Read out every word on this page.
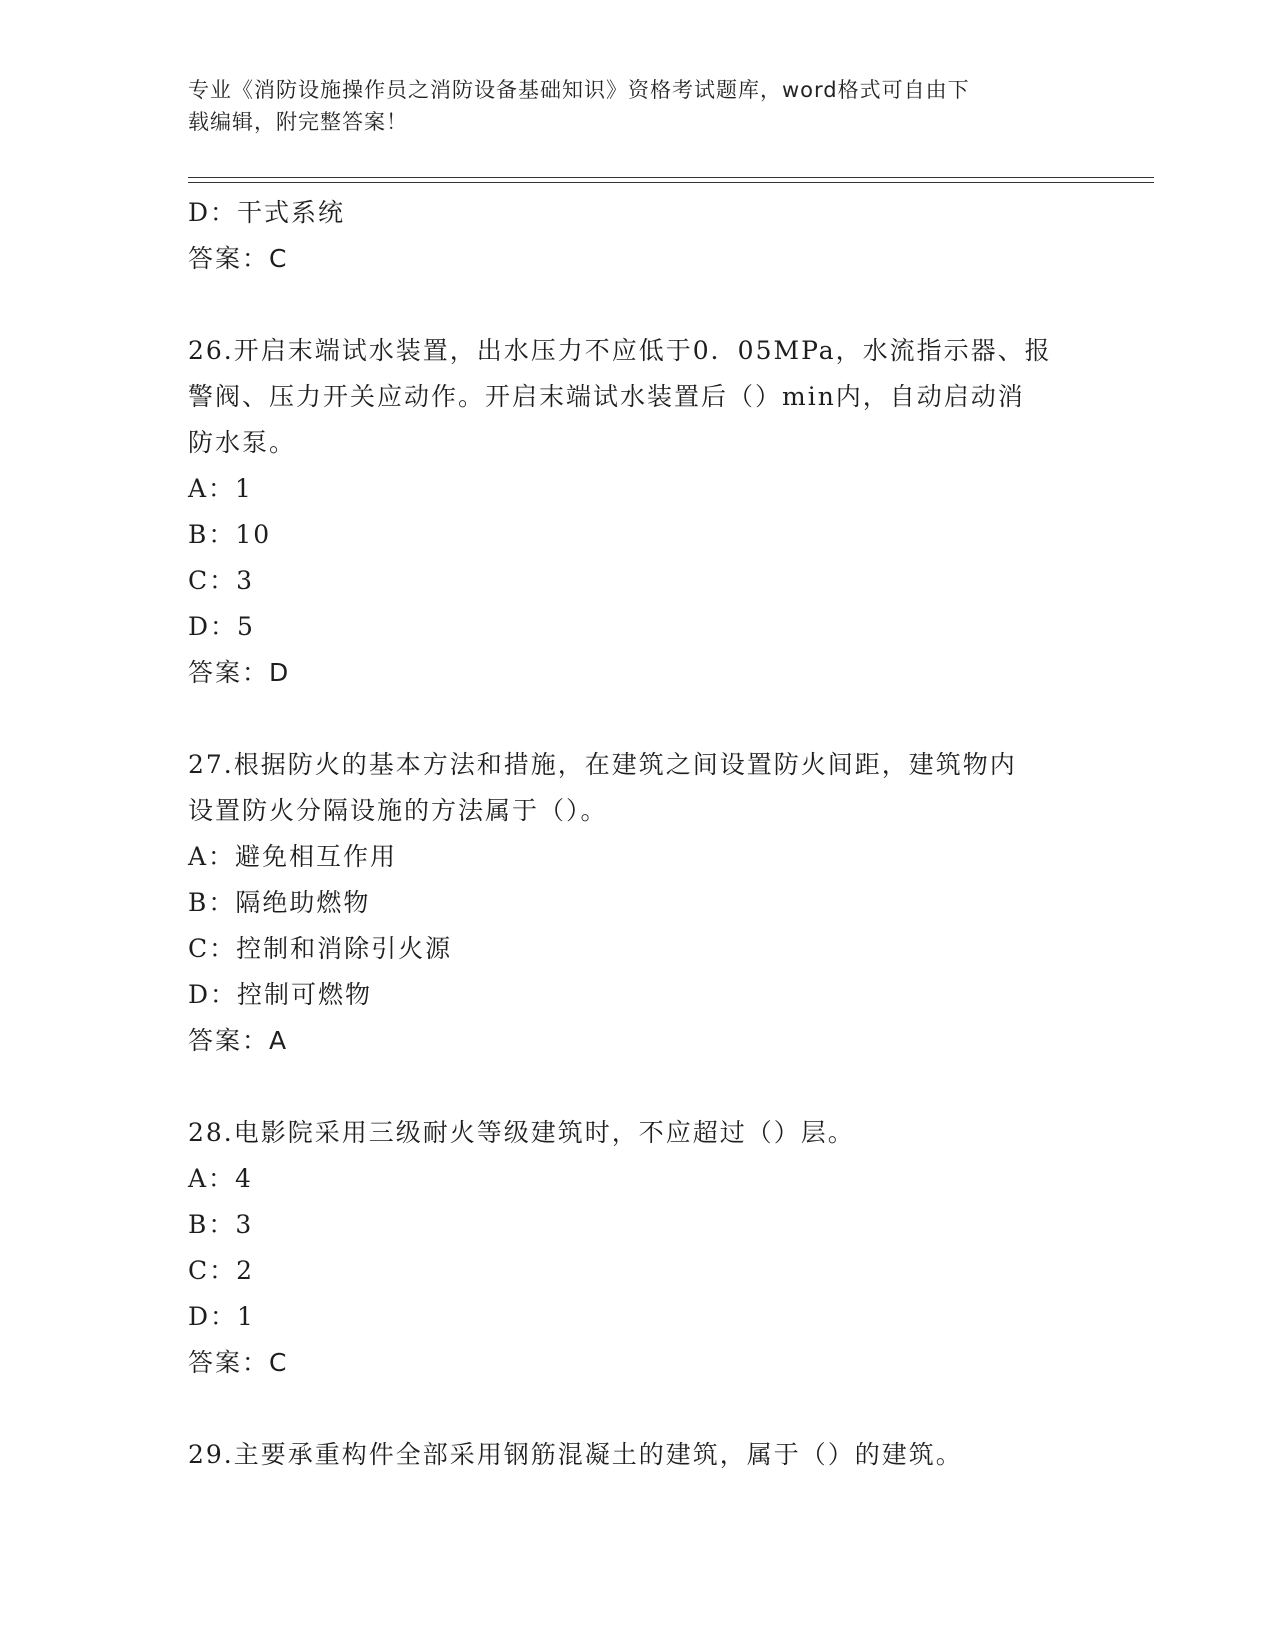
专业《消防设施操作员之消防设备基础知识》资格考试题库，word格式可自由下
载编辑，附完整答案！
D：干式系统
答案：C
26.开启末端试水装置，出水压力不应低于0．05MPa，水流指示器、报
警阀、压力开关应动作。开启末端试水装置后（）min内，自动启动消
防水泵。
A：1
B：10
C：3
D：5
答案：D
27.根据防火的基本方法和措施，在建筑之间设置防火间距，建筑物内
设置防火分隔设施的方法属于（）。
A：避免相互作用
B：隔绝助燃物
C：控制和消除引火源
D：控制可燃物
答案：A
28.电影院采用三级耐火等级建筑时，不应超过（）层。
A：4
B：3
C：2
D：1
答案：C
29.主要承重构件全部采用钢筋混凝土的建筑，属于（）的建筑。
